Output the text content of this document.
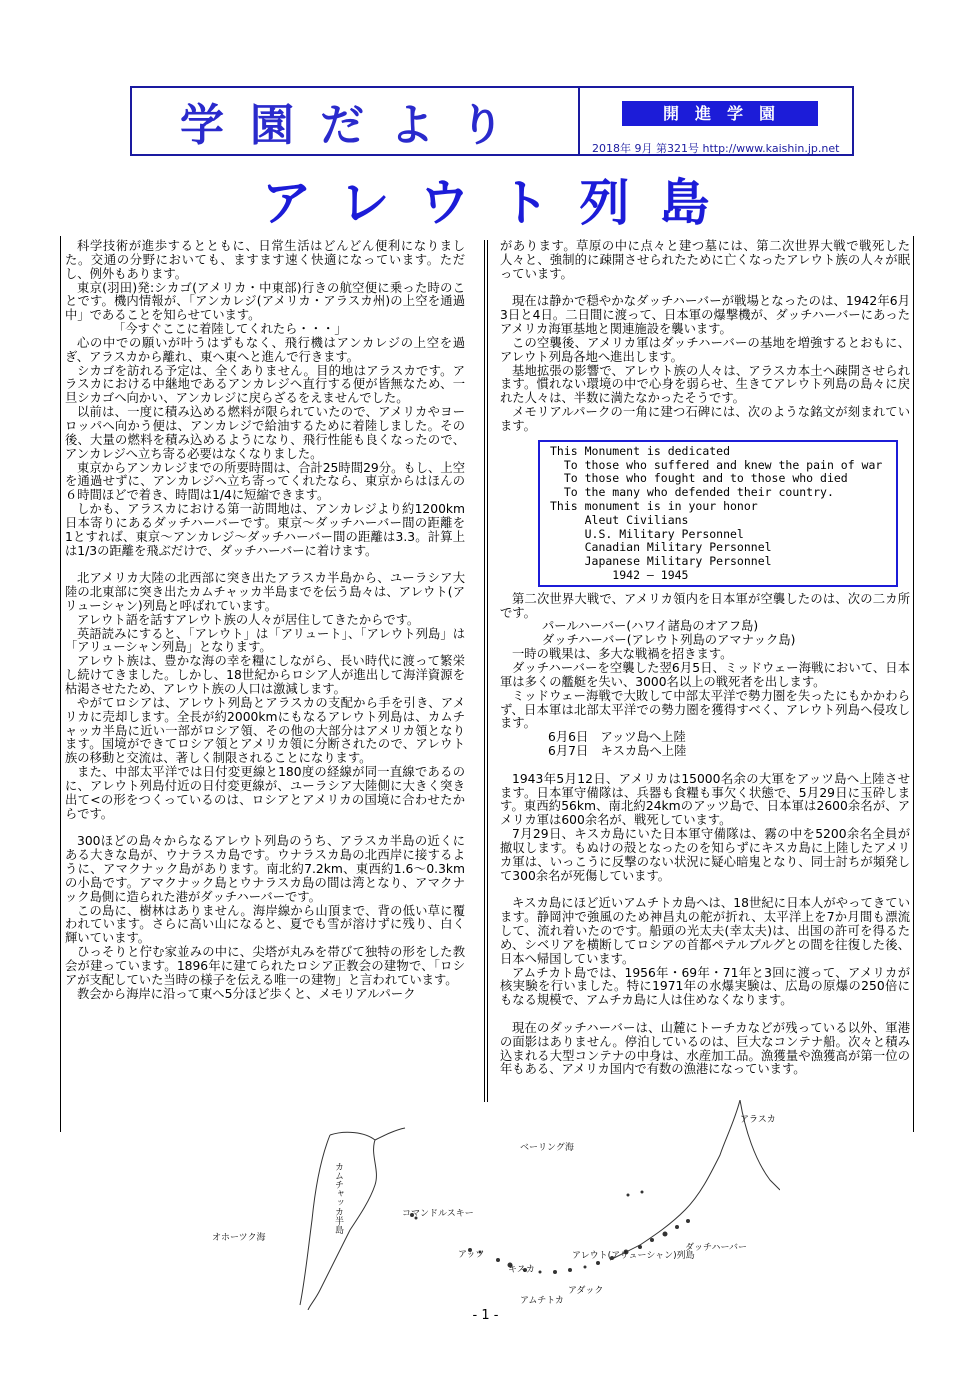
学園だより	開進学園
2018年 9月 第321号 http://www.kaishin.jp.net
アレウト列島

科学技術が進歩するとともに、日常生活はどんどん便利になりました。交通の分野においても、ますます速く快適になっています。ただし、例外もあります。

東京(羽田)発:シカゴ(アメリカ・中東部)行きの航空便に乗った時のことです。機内情報が、「アンカレジ(アメリカ・アラスカ州)の上空を通過中」であることを知らせています。

「今すぐここに着陸してくれたら・・・」

心の中での願いが叶うはずもなく、飛行機はアンカレジの上空を過ぎ、アラスカから離れ、東へ東へと進んで行きます。

シカゴを訪れる予定は、全くありません。目的地はアラスカです。アラスカにおける中継地であるアンカレジへ直行する便が皆無なため、一旦シカゴへ向かい、アンカレジに戻らざるをえませんでした。

以前は、一度に積み込める燃料が限られていたので、アメリカやヨーロッパへ向かう便は、アンカレジで給油するために着陸しました。その後、大量の燃料を積み込めるようになり、飛行性能も良くなったので、アンカレジへ立ち寄る必要はなくなりました。

東京からアンカレジまでの所要時間は、合計25時間29分。もし、上空を通過せずに、アンカレジへ立ち寄ってくれたなら、東京からはほんの６時間ほどで着き、時間は1/4に短縮できます。

しかも、アラスカにおける第一訪問地は、アンカレジより約1200km日本寄りにあるダッチハーバーです。東京～ダッチハーバー間の距離を 1とすれば、東京～アンカレジ～ダッチハーバー間の距離は3.3。計算上は1/3の距離を飛ぶだけで、ダッチハーバーに着けます。

北アメリカ大陸の北西部に突き出たアラスカ半島から、ユーラシア大陸の北東部に突き出たカムチャッカ半島までを伝う島々は、アレウト(アリューシャン)列島と呼ばれています。

アレウト語を話すアレウト族の人々が居住してきたからです。

英語読みにすると、「アレウト」は「アリュート」、「アレウト列島」は「アリューシャン列島」となります。

アレウト族は、豊かな海の幸を糧にしながら、長い時代に渡って繁栄し続けてきました。しかし、18世紀からロシア人が進出して海洋資源を枯渇させたため、アレウト族の人口は激減します。

やがてロシアは、アレウト列島とアラスカの支配から手を引き、アメリカに売却します。全長が約2000kmにもなるアレウト列島は、カムチャッカ半島に近い一部がロシア領、その他の大部分はアメリカ領となります。国境ができてロシア領とアメリカ領に分断されたので、アレウト族の移動と交流は、著しく制限されることになります。

また、中部太平洋では日付変更線と180度の経線が同一直線であるのに、アレウト列島付近の日付変更線が、ユーラシア大陸側に大きく突き出て<の形をつくっているのは、ロシアとアメリカの国境に合わせたからです。

300ほどの島々からなるアレウト列島のうち、アラスカ半島の近くにある大きな島が、ウナラスカ島です。ウナラスカ島の北西岸に接するように、アマクナック島があります。南北約7.2km、東西約1.6～0.3kmの小島です。アマクナック島とウナラスカ島の間は湾となり、アマクナック島側に造られた港がダッチハーバーです。

この島に、樹林はありません。海岸線から山頂まで、背の低い草に覆われています。さらに高い山になると、夏でも雪が溶けずに残り、白く輝いています。

ひっそりと佇む家並みの中に、尖塔が丸みを帯びて独特の形をした教会が建っています。1896年に建てられたロシア正教会の建物で、「ロシアが支配していた当時の様子を伝える唯一の建物」と言われています。

教会から海岸に沿って東へ5分ほど歩くと、メモリアルパーク

があります。草原の中に点々と建つ墓には、第二次世界大戦で戦死した人々と、強制的に疎開させられたために亡くなったアレウト族の人々が眠っています。

現在は静かで穏やかなダッチハーバーが戦場となったのは、1942年6月3日と4日。二日間に渡って、日本軍の爆撃機が、ダッチハーバーにあったアメリカ海軍基地と関連施設を襲います。

この空襲後、アメリカ軍はダッチハーバーの基地を増強するとおもに、アレウト列島各地へ進出します。

基地拡張の影響で、アレウト族の人々は、アラスカ本土へ疎開させられます。慣れない環境の中で心身を弱らせ、生きてアレウト列島の島々に戻れた人々は、半数に満たなかったそうです。

メモリアルパークの一角に建つ石碑には、次のような銘文が刻まれています。

This Monument is dedicated
To those who suffered and knew the pain of war
To those who fought and to those who died
To the many who defended their country.
This monument is in your honor
Aleut Civilians
U.S. Military Personnel
Canadian Military Personnel
Japanese Military Personnel
1942 ― 1945

第二次世界大戦で、アメリカ領内を日本軍が空襲したのは、次の二カ所です。

パールハーバー(ハワイ諸島のオアフ島)

ダッチハーバー(アレウト列島のアマナック島)

一時の戦果は、多大な戦禍を招きます。

ダッチハーバーを空襲した翌6月5日、ミッドウェー海戦において、日本軍は多くの艦艇を失い、3000名以上の戦死者を出します。

ミッドウェー海戦で大敗して中部太平洋で勢力圏を失ったにもかかわらず、日本軍は北部太平洋での勢力圏を獲得すべく、アレウト列島へ侵攻します。

6月6日　アッツ島へ上陸

6月7日　キスカ島へ上陸

1943年5月12日、アメリカは15000名余の大軍をアッツ島へ上陸させます。日本軍守備隊は、兵器も食糧も事欠く状態で、5月29日に玉砕します。東西約56km、南北約24kmのアッツ島で、日本軍は2600余名が、アメリカ軍は600余名が、戦死しています。

7月29日、キスカ島にいた日本軍守備隊は、霧の中を5200余名全員が撤収します。もぬけの殻となったのを知らずにキスカ島に上陸したアメリカ軍は、いっこうに反撃のない状況に疑心暗鬼となり、同士討ちが頻発して300余名が死傷しています。

キスカ島にほど近いアムチトカ島へは、18世紀に日本人がやってきています。静岡沖で強風のため神昌丸の舵が折れ、太平洋上を7か月間も漂流して、流れ着いたのです。船頭の光太夫(幸太夫)は、出国の許可を得るため、シベリアを横断してロシアの首都ペテルブルグとの間を往復した後、日本へ帰国しています。

アムチカト島では、1956年・69年・71年と3回に渡って、アメリカが核実験を行いました。特に1971年の水爆実験は、広島の原爆の250倍にもなる規模で、アムチカ島に人は住めなくなります。

現在のダッチハーバーは、山麓にトーチカなどが残っている以外、軍港の面影はありません。停泊しているのは、巨大なコンテナ船。次々と積み込まれる大型コンテナの中身は、水産加工品。漁獲量や漁獲高が第一位の年もある、アメリカ国内で有数の漁港になっています。

アラスカ
ベーリング海
カムチャッカ半島
オホーツク海
コマンドルスキー
アッツ
キスカ
アレウト(アリューシャン)列島
ダッチハーバー
アダック
アムチトカ
- 1 -
